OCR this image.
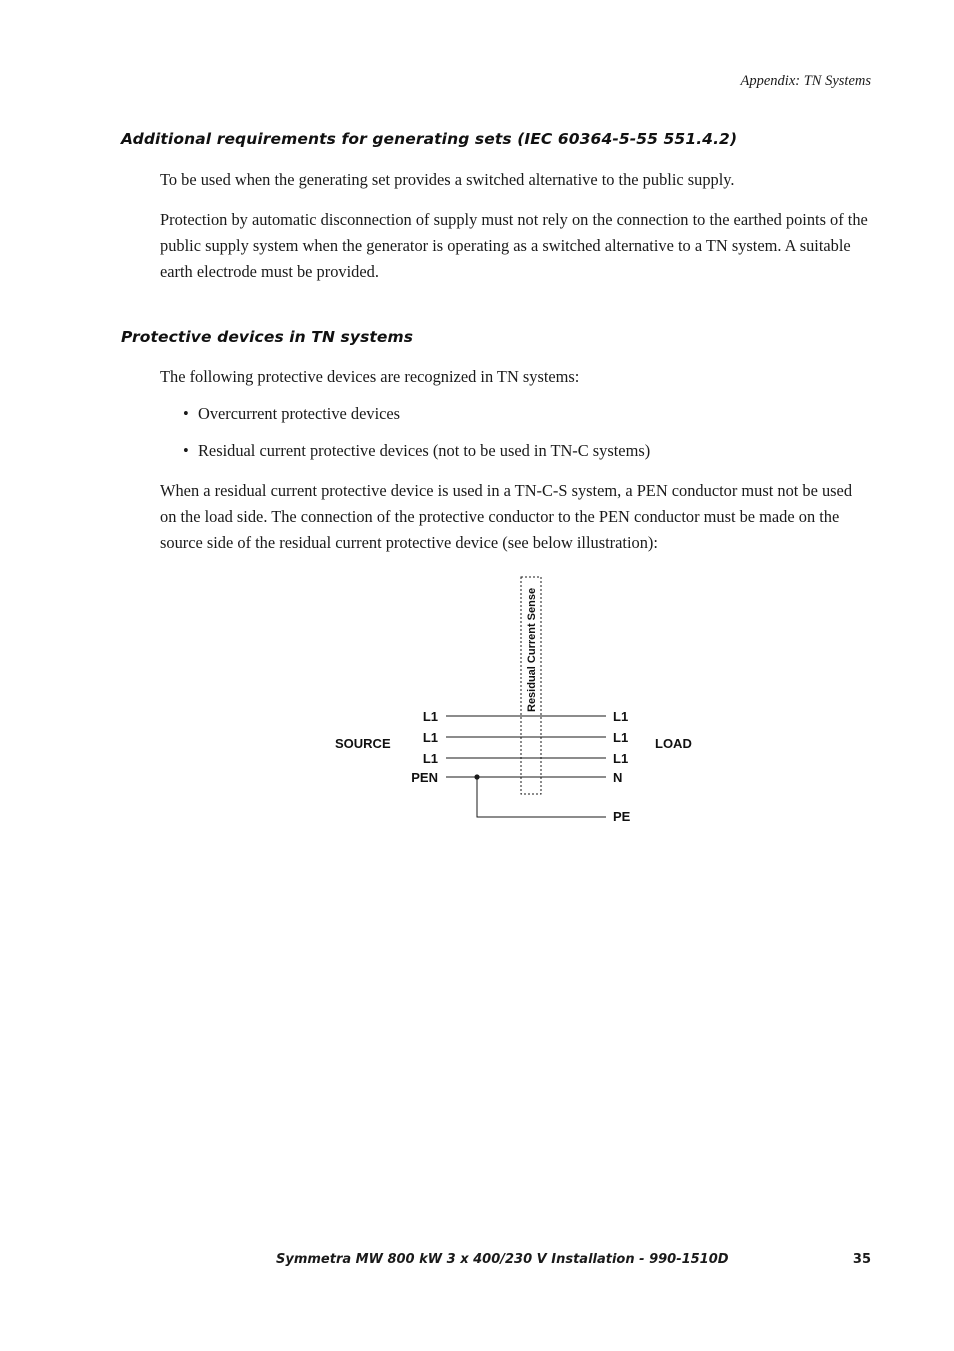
Appendix: TN Systems
Additional requirements for generating sets (IEC 60364-5-55 551.4.2)

To be used when the generating set provides a switched alternative to the public supply.

Protection by automatic disconnection of supply must not rely on the connection to the earthed points of the public supply system when the generator is operating as a switched alternative to a TN system. A suitable earth electrode must be provided.

Protective devices in TN systems

The following protective devices are recognized in TN systems:

• Overcurrent protective devices
• Residual current protective devices (not to be used in TN-C systems)

When a residual current protective device is used in a TN-C-S system, a PEN conductor must not be used on the load side. The connection of the protective conductor to the PEN conductor must be made on the source side of the residual current protective device (see below illustration):

Residual Current Sense
L1
L1
L1
PEN
L1
L1
L1
N
PE
SOURCE	LOAD
Symmetra MW 800 kW 3 x 400/230 V Installation - 990-1510D	35
